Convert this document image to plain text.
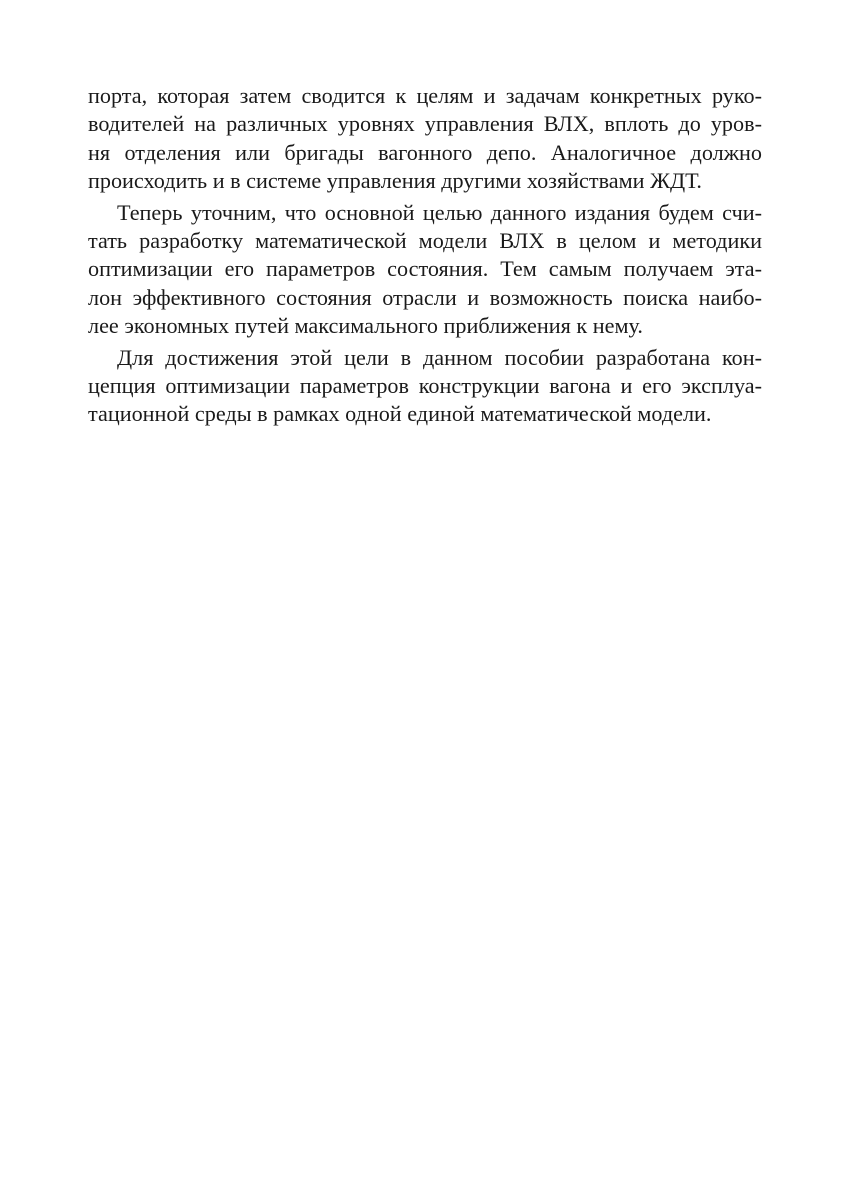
порта, которая затем сводится к целям и задачам конкретных руко-
водителей на различных уровнях управления ВЛХ, вплоть до уров-
ня отделения или бригады вагонного депо. Аналогичное должно
происходить и в системе управления другими хозяйствами ЖДТ.

Теперь уточним, что основной целью данного издания будем счи-
тать разработку математической модели ВЛХ в целом и методики
оптимизации его параметров состояния. Тем самым получаем эта-
лон эффективного состояния отрасли и возможность поиска наибо-
лее экономных путей максимального приближения к нему.

Для достижения этой цели в данном пособии разработана кон-
цепция оптимизации параметров конструкции вагона и его эксплуа-
тационной среды в рамках одной единой математической модели.
